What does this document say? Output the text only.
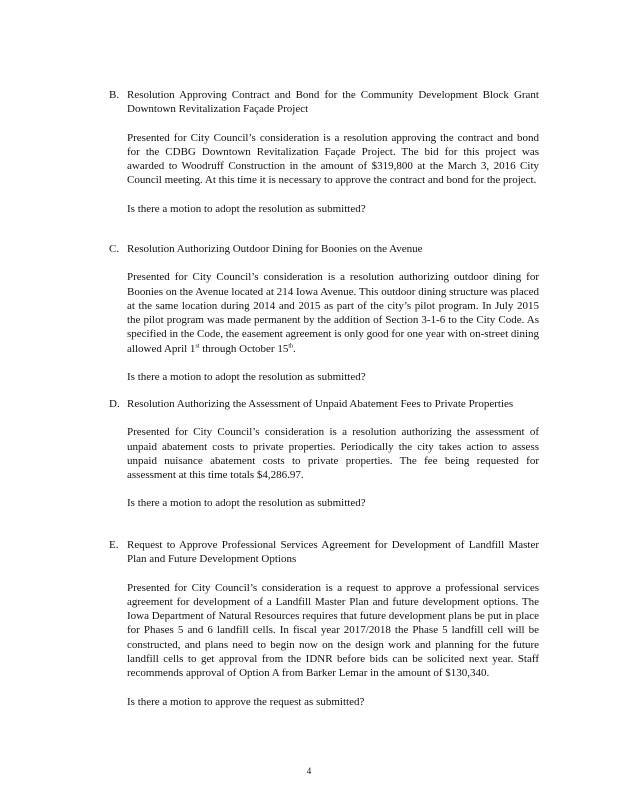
B. Resolution Approving Contract and Bond for the Community Development Block Grant Downtown Revitalization Façade Project
Presented for City Council’s consideration is a resolution approving the contract and bond for the CDBG Downtown Revitalization Façade Project. The bid for this project was awarded to Woodruff Construction in the amount of $319,800 at the March 3, 2016 City Council meeting. At this time it is necessary to approve the contract and bond for the project.
Is there a motion to adopt the resolution as submitted?
C. Resolution Authorizing Outdoor Dining for Boonies on the Avenue
Presented for City Council’s consideration is a resolution authorizing outdoor dining for Boonies on the Avenue located at 214 Iowa Avenue. This outdoor dining structure was placed at the same location during 2014 and 2015 as part of the city’s pilot program. In July 2015 the pilot program was made permanent by the addition of Section 3-1-6 to the City Code. As specified in the Code, the easement agreement is only good for one year with on-street dining allowed April 1st through October 15th.
Is there a motion to adopt the resolution as submitted?
D. Resolution Authorizing the Assessment of Unpaid Abatement Fees to Private Properties
Presented for City Council’s consideration is a resolution authorizing the assessment of unpaid abatement costs to private properties. Periodically the city takes action to assess unpaid nuisance abatement costs to private properties. The fee being requested for assessment at this time totals $4,286.97.
Is there a motion to adopt the resolution as submitted?
E. Request to Approve Professional Services Agreement for Development of Landfill Master Plan and Future Development Options
Presented for City Council’s consideration is a request to approve a professional services agreement for development of a Landfill Master Plan and future development options. The Iowa Department of Natural Resources requires that future development plans be put in place for Phases 5 and 6 landfill cells. In fiscal year 2017/2018 the Phase 5 landfill cell will be constructed, and plans need to begin now on the design work and planning for the future landfill cells to get approval from the IDNR before bids can be solicited next year. Staff recommends approval of Option A from Barker Lemar in the amount of $130,340.
Is there a motion to approve the request as submitted?
4
